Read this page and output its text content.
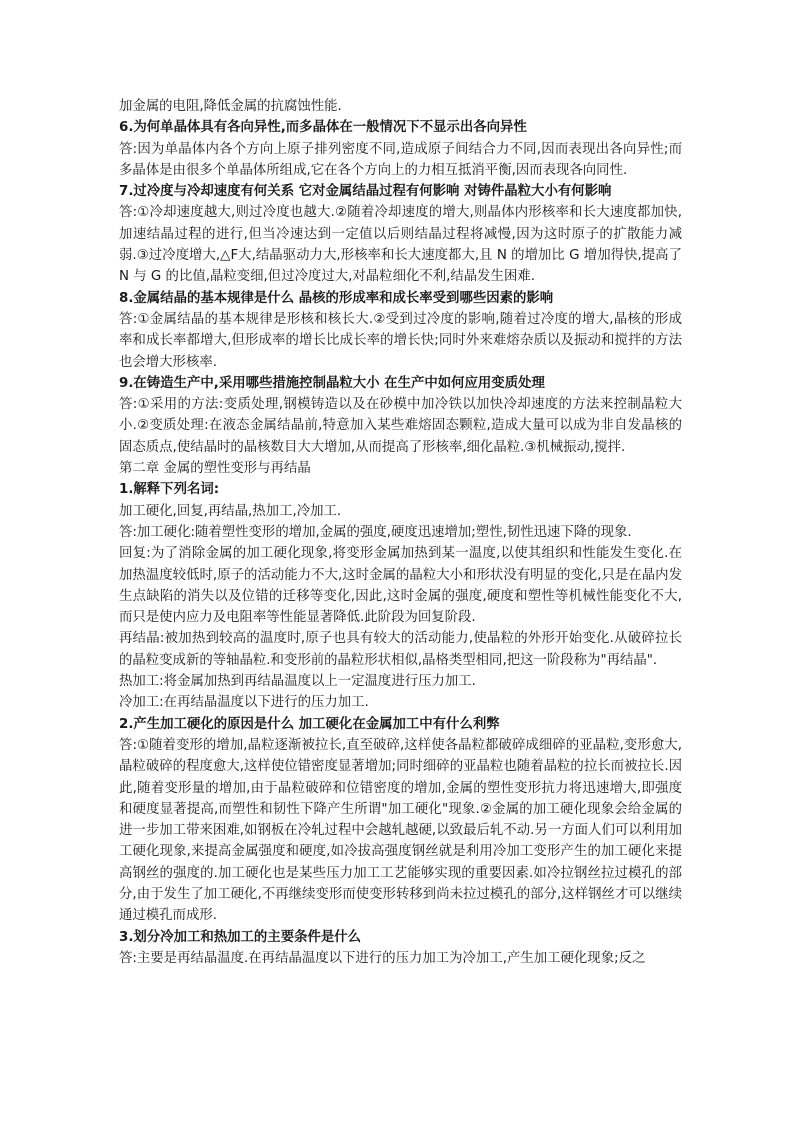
加金属的电阻,降低金属的抗腐蚀性能.

6.为何单晶体具有各向异性,而多晶体在一般情况下不显示出各向异性

答:因为单晶体内各个方向上原子排列密度不同,造成原子间结合力不同,因而表现出各向异性;而多晶体是由很多个单晶体所组成,它在各个方向上的力相互抵消平衡,因而表现各向同性.

7.过冷度与冷却速度有何关系 它对金属结晶过程有何影响 对铸件晶粒大小有何影响

答:①冷却速度越大,则过冷度也越大.②随着冷却速度的增大,则晶体内形核率和长大速度都加快,加速结晶过程的进行,但当冷速达到一定值以后则结晶过程将减慢,因为这时原子的扩散能力减弱.③过冷度增大,△F大,结晶驱动力大,形核率和长大速度都大,且 N 的增加比 G 增加得快,提高了 N 与 G 的比值,晶粒变细,但过冷度过大,对晶粒细化不利,结晶发生困难.

8.金属结晶的基本规律是什么 晶核的形成率和成长率受到哪些因素的影响

答:①金属结晶的基本规律是形核和核长大.②受到过冷度的影响,随着过冷度的增大,晶核的形成率和成长率都增大,但形成率的增长比成长率的增长快;同时外来难熔杂质以及振动和搅拌的方法也会增大形核率.

9.在铸造生产中,采用哪些措施控制晶粒大小 在生产中如何应用变质处理

答:①采用的方法:变质处理,钢模铸造以及在砂模中加冷铁以加快冷却速度的方法来控制晶粒大小.②变质处理:在液态金属结晶前,特意加入某些难熔固态颗粒,造成大量可以成为非自发晶核的固态质点,使结晶时的晶核数目大大增加,从而提高了形核率,细化晶粒.③机械振动,搅拌.

第二章 金属的塑性变形与再结晶

1.解释下列名词:

加工硬化,回复,再结晶,热加工,冷加工.

答:加工硬化:随着塑性变形的增加,金属的强度,硬度迅速增加;塑性,韧性迅速下降的现象.

回复:为了消除金属的加工硬化现象,将变形金属加热到某一温度,以使其组织和性能发生变化.在加热温度较低时,原子的活动能力不大,这时金属的晶粒大小和形状没有明显的变化,只是在晶内发生点缺陷的消失以及位错的迁移等变化,因此,这时金属的强度,硬度和塑性等机械性能变化不大,而只是使内应力及电阻率等性能显著降低.此阶段为回复阶段.

再结晶:被加热到较高的温度时,原子也具有较大的活动能力,使晶粒的外形开始变化.从破碎拉长的晶粒变成新的等轴晶粒.和变形前的晶粒形状相似,晶格类型相同,把这一阶段称为"再结晶".

热加工:将金属加热到再结晶温度以上一定温度进行压力加工.

冷加工:在再结晶温度以下进行的压力加工.

2.产生加工硬化的原因是什么 加工硬化在金属加工中有什么利弊

答:①随着变形的增加,晶粒逐渐被拉长,直至破碎,这样使各晶粒都破碎成细碎的亚晶粒,变形愈大,晶粒破碎的程度愈大,这样使位错密度显著增加;同时细碎的亚晶粒也随着晶粒的拉长而被拉长.因此,随着变形量的增加,由于晶粒破碎和位错密度的增加,金属的塑性变形抗力将迅速增大,即强度和硬度显著提高,而塑性和韧性下降产生所谓"加工硬化"现象.②金属的加工硬化现象会给金属的进一步加工带来困难,如钢板在冷轧过程中会越轧越硬,以致最后轧不动.另一方面人们可以利用加工硬化现象,来提高金属强度和硬度,如冷拔高强度钢丝就是利用冷加工变形产生的加工硬化来提高钢丝的强度的.加工硬化也是某些压力加工工艺能够实现的重要因素.如冷拉钢丝拉过模孔的部分,由于发生了加工硬化,不再继续变形而使变形转移到尚未拉过模孔的部分,这样钢丝才可以继续通过模孔而成形.

3.划分冷加工和热加工的主要条件是什么

答:主要是再结晶温度.在再结晶温度以下进行的压力加工为冷加工,产生加工硬化现象;反之
